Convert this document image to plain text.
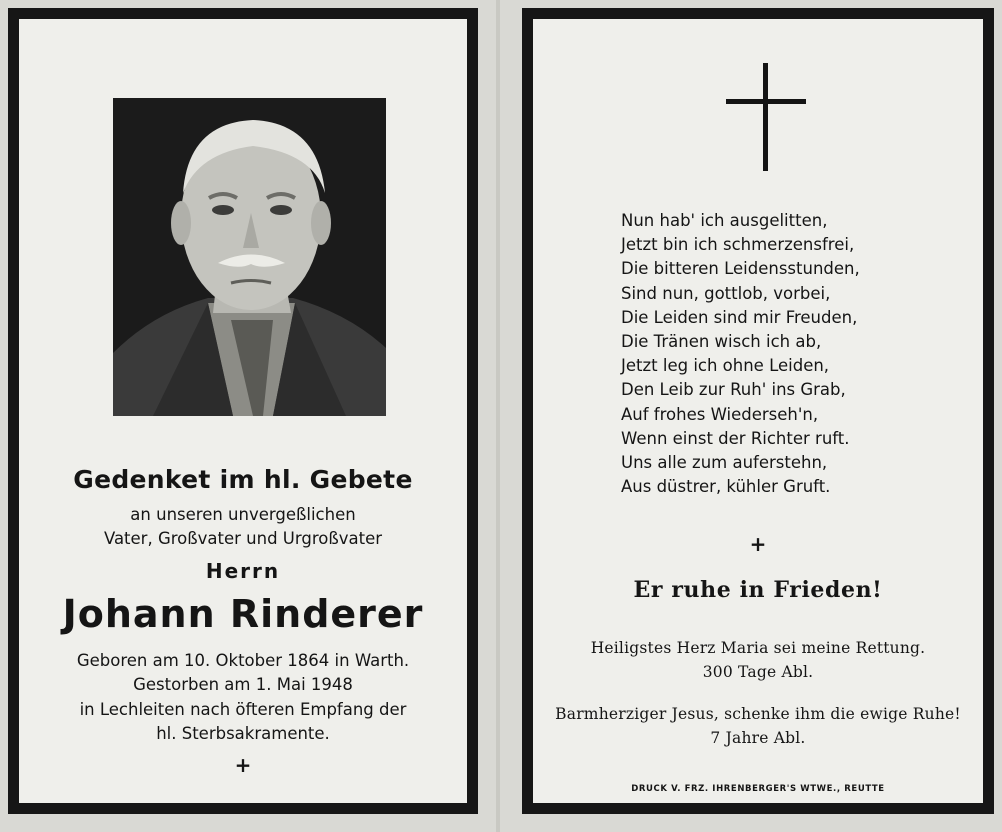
Gedenket im hl. Gebete
an unseren unvergeßlichen
Vater, Großvater und Urgroßvater
Herrn
Johann Rinderer
Geboren am 10. Oktober 1864 in Warth.
Gestorben am 1. Mai 1948
in Lechleiten nach öfteren Empfang der
hl. Sterbsakramente.
+
Nun hab' ich ausgelitten,
Jetzt bin ich schmerzensfrei,
Die bitteren Leidensstunden,
Sind nun, gottlob, vorbei,
Die Leiden sind mir Freuden,
Die Tränen wisch ich ab,
Jetzt leg ich ohne Leiden,
Den Leib zur Ruh' ins Grab,
Auf frohes Wiederseh'n,
Wenn einst der Richter ruft.
Uns alle zum auferstehn,
Aus düstrer, kühler Gruft.
+
Er ruhe in Frieden!
Heiligstes Herz Maria sei meine Rettung.
300 Tage Abl.
Barmherziger Jesus, schenke ihm die ewige Ruhe!
7 Jahre Abl.
DRUCK V. FRZ. IHRENBERGER'S WTWE., REUTTE
